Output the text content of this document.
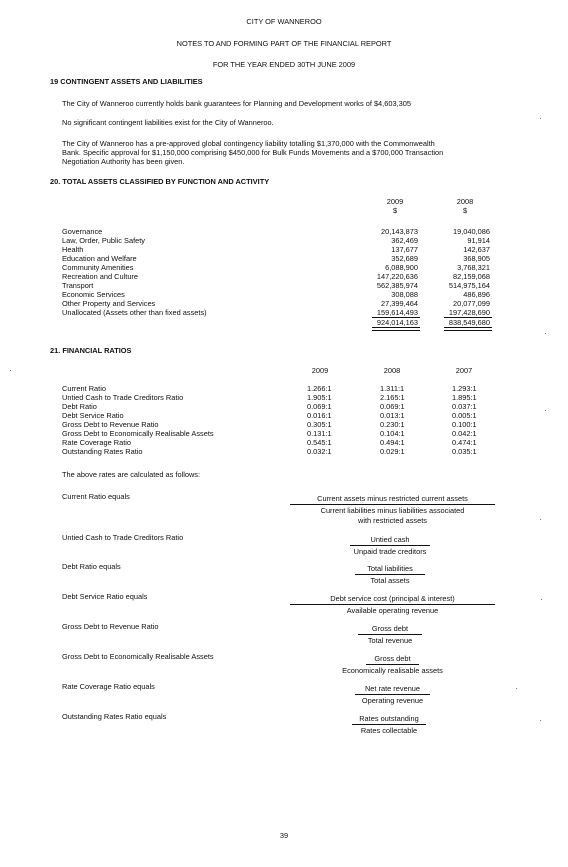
CITY OF WANNEROO
NOTES TO AND FORMING PART OF THE FINANCIAL REPORT
FOR THE YEAR ENDED 30TH JUNE 2009
19 CONTINGENT ASSETS AND LIABILITIES
The City of Wanneroo currently holds bank guarantees for Planning and Development works of $4,603,305
No significant contingent liabilities exist for the City of Wanneroo.
The City of Wanneroo has a pre-approved global contingency liability totalling $1,370,000 with the Commonwealth
Bank. Specific approval for $1,150,000 comprising $450,000 for Bulk Funds Movements and a $700,000 Transaction
Negotiation Authority has been given.
20. TOTAL ASSETS CLASSIFIED BY FUNCTION AND ACTIVITY
2009	2008
$	$
Governance	20,143,873	19,040,086
Law, Order, Public Safety	362,469	91,914
Health	137,677	142,637
Education and Welfare	352,689	368,905
Community Amenities	6,088,900	3,768,321
Recreation and Culture	147,220,636	82,159,068
Transport	562,385,974	514,975,164
Economic Services	308,088	486,896
Other Property and Services	27,399,464	20,077,099
Unallocated (Assets other than fixed assets)	159,614,493	197,428,690
924,014,163	838,549,680
21. FINANCIAL RATIOS
2009	2008	2007
Current Ratio	1.266:1	1.311:1	1.293:1
Untied Cash to Trade Creditors Ratio	1.905:1	2.165:1	1.895:1
Debt Ratio	0.069:1	0.069:1	0.037:1
Debt Service Ratio	0.016:1	0.013:1	0.005:1
Gross Debt to Revenue Ratio	0.305:1	0.230:1	0.100:1
Gross Debt to Economically Realisable Assets	0.131:1	0.104:1	0.042:1
Rate Coverage Ratio	0.545:1	0.494:1	0.474:1
Outstanding Rates Ratio	0.032:1	0.029:1	0.035:1
The above rates are calculated as follows:
Current Ratio equals	Current assets minus restricted current assets
Current liabilities minus liabilities associated
with restricted assets
Untied Cash to Trade Creditors Ratio	Untied cash
Unpaid trade creditors
Debt Ratio equals	Total liabilities
Total assets
Debt Service Ratio equals	Debt service cost (principal & interest)
Available operating revenue
Gross Debt to Revenue Ratio	Gross debt
Total revenue
Gross Debt to Economically Realisable Assets	Gross debt
Economically realisable assets
Rate Coverage Ratio equals	Net rate revenue
Operating revenue
Outstanding Rates Ratio equals	Rates outstanding
Rates collectable
39
